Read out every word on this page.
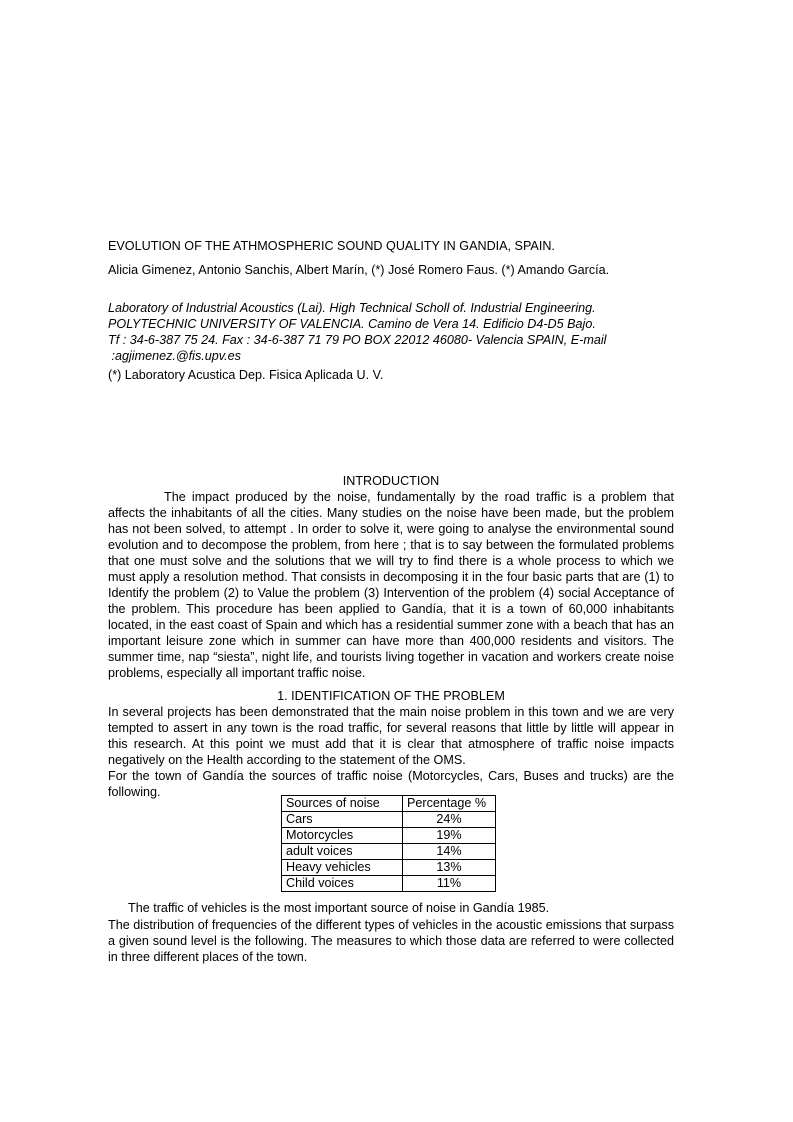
EVOLUTION OF THE ATHMOSPHERIC SOUND QUALITY IN GANDIA, SPAIN.
Alicia Gimenez, Antonio Sanchis, Albert Marín, (*) José Romero Faus. (*) Amando García.
Laboratory of Industrial Acoustics (Lai). High Technical Scholl of. Industrial Engineering.
POLYTECHNIC UNIVERSITY OF VALENCIA. Camino de Vera 14. Edificio D4-D5 Bajo.
Tf : 34-6-387 75 24. Fax : 34-6-387 71 79 PO BOX 22012 46080- Valencia SPAIN, E-mail
:agjimenez.@fis.upv.es
(*) Laboratory Acustica Dep. Fisica Aplicada U. V.
INTRODUCTION

The impact produced by the noise, fundamentally by the road traffic is a problem that affects the inhabitants of all the cities. Many studies on the noise have been made, but the problem has not been solved, to attempt . In order to solve it, were going to analyse the environmental sound evolution and to decompose the problem, from here ; that is to say between the formulated problems that one must solve and the solutions that we will try to find there is a whole process to which we must apply a resolution method. That consists in decomposing it in the four basic parts that are (1) to Identify the problem (2) to Value the problem (3) Intervention of the problem (4) social Acceptance of the problem. This procedure has been applied to Gandía, that it is a town of 60,000 inhabitants located, in the east coast of Spain and which has a residential summer zone with a beach that has an important leisure zone which in summer can have more than 400,000 residents and visitors. The summer time, nap “siesta”, night life, and tourists living together in vacation and workers create noise problems, especially all important traffic noise.

1. IDENTIFICATION OF THE PROBLEM

In several projects has been demonstrated that the main noise problem in this town and we are very tempted to assert in any town is the road traffic, for several reasons that little by little will appear in this research. At this point we must add that it is clear that atmosphere of traffic noise impacts negatively on the Health according to the statement of the OMS.

For the town of Gandía the sources of traffic noise (Motorcycles, Cars, Buses and trucks) are the following.

Sources of noise	Percentage %
Cars	24%
Motorcycles	19%
adult voices	14%
Heavy vehicles	13%
Child voices	11%
The traffic of vehicles is the most important source of noise in Gandía 1985.

The distribution of frequencies of the different types of vehicles in the acoustic emissions that surpass a given sound level is the following. The measures to which those data are referred to were collected in three different places of the town.
